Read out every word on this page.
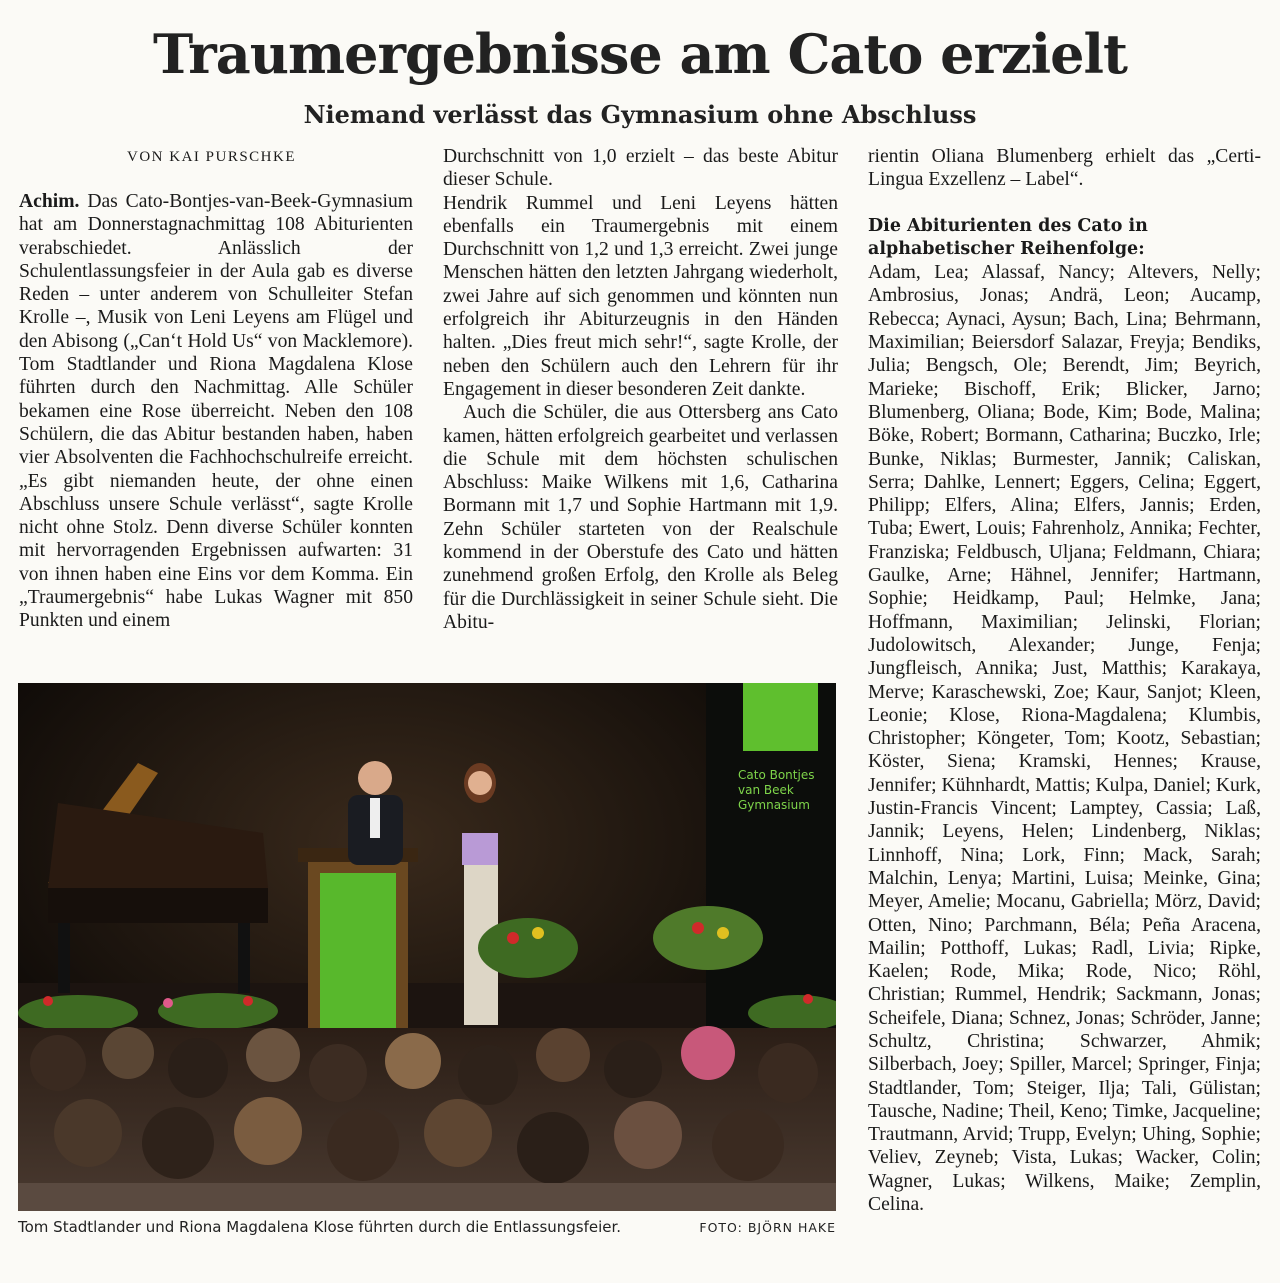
Traumergebnisse am Cato erzielt
Niemand verlässt das Gymnasium ohne Abschluss

VON KAI PURSCHKE

Achim. Das Cato-Bontjes-van-Beek-Gymnasium hat am Donnerstagnachmittag 108 Abiturienten verabschiedet. Anlässlich der Schulentlassungsfeier in der Aula gab es diverse Reden – unter anderem von Schulleiter Stefan Krolle –, Musik von Leni Leyens am Flügel und den Abisong („Can‘t Hold Us“ von Macklemore). Tom Stadtlander und Riona Magdalena Klose führten durch den Nachmittag. Alle Schüler bekamen eine Rose überreicht. Neben den 108 Schülern, die das Abitur bestanden haben, haben vier Absolventen die Fachhochschulreife erreicht. „Es gibt niemanden heute, der ohne einen Abschluss unsere Schule verlässt“, sagte Krolle nicht ohne Stolz. Denn diverse Schüler konnten mit hervorragenden Ergebnissen aufwarten: 31 von ihnen haben eine Eins vor dem Komma. Ein „Traumergebnis“ habe Lukas Wagner mit 850 Punkten und einem

Durchschnitt von 1,0 erzielt – das beste Abitur dieser Schule.

Hendrik Rummel und Leni Leyens hätten ebenfalls ein Traumergebnis mit einem Durchschnitt von 1,2 und 1,3 erreicht. Zwei junge Menschen hätten den letzten Jahrgang wiederholt, zwei Jahre auf sich genommen und könnten nun erfolgreich ihr Abiturzeugnis in den Händen halten. „Dies freut mich sehr!“, sagte Krolle, der neben den Schülern auch den Lehrern für ihr Engagement in dieser besonderen Zeit dankte.

Auch die Schüler, die aus Ottersberg ans Cato kamen, hätten erfolgreich gearbeitet und verlassen die Schule mit dem höchsten schulischen Abschluss: Maike Wilkens mit 1,6, Catharina Bormann mit 1,7 und Sophie Hartmann mit 1,9. Zehn Schüler starteten von der Realschule kommend in der Oberstufe des Cato und hätten zunehmend großen Erfolg, den Krolle als Beleg für die Durchlässigkeit in seiner Schule sieht. Die Abitu-

rientin Oliana Blumenberg erhielt das „Certi-Lingua Exzellenz – Label“.

Die Abiturienten des Cato in alphabetischer Reihenfolge:

Adam, Lea; Alassaf, Nancy; Altevers, Nelly; Ambrosius, Jonas; Andrä, Leon; Aucamp, Rebecca; Aynaci, Aysun; Bach, Lina; Behrmann, Maximilian; Beiersdorf Salazar, Freyja; Bendiks, Julia; Bengsch, Ole; Berendt, Jim; Beyrich, Marieke; Bischoff, Erik; Blicker, Jarno; Blumenberg, Oliana; Bode, Kim; Bode, Malina; Böke, Robert; Bormann, Catharina; Buczko, Irle; Bunke, Niklas; Burmester, Jannik; Caliskan, Serra; Dahlke, Lennert; Eggers, Celina; Eggert, Philipp; Elfers, Alina; Elfers, Jannis; Erden, Tuba; Ewert, Louis; Fahrenholz, Annika; Fechter, Franziska; Feldbusch, Uljana; Feldmann, Chiara; Gaulke, Arne; Hähnel, Jennifer; Hartmann, Sophie; Heidkamp, Paul; Helmke, Jana; Hoffmann, Maximilian; Jelinski, Florian; Judolowitsch, Alexander; Junge, Fenja; Jungfleisch, Annika; Just, Matthis; Karakaya, Merve; Karaschewski, Zoe; Kaur, Sanjot; Kleen, Leonie; Klose, Riona-Magdalena; Klumbis, Christopher; Köngeter, Tom; Kootz, Sebastian; Köster, Siena; Kramski, Hennes; Krause, Jennifer; Kühnhardt, Mattis; Kulpa, Daniel; Kurk, Justin-Francis Vincent; Lamptey, Cassia; Laß, Jannik; Leyens, Helen; Lindenberg, Niklas; Linnhoff, Nina; Lork, Finn; Mack, Sarah; Malchin, Lenya; Martini, Luisa; Meinke, Gina; Meyer, Amelie; Mocanu, Gabriella; Mörz, David; Otten, Nino; Parchmann, Béla; Peña Aracena, Mailin; Potthoff, Lukas; Radl, Livia; Ripke, Kaelen; Rode, Mika; Rode, Nico; Röhl, Christian; Rummel, Hendrik; Sackmann, Jonas; Scheifele, Diana; Schnez, Jonas; Schröder, Janne; Schultz, Christina; Schwarzer, Ahmik; Silberbach, Joey; Spiller, Marcel; Springer, Finja; Stadtlander, Tom; Steiger, Ilja; Tali, Gülistan; Tausche, Nadine; Theil, Keno; Timke, Jacqueline; Trautmann, Arvid; Trupp, Evelyn; Uhing, Sophie; Veliev, Zeyneb; Vista, Lukas; Wacker, Colin; Wagner, Lukas; Wilkens, Maike; Zemplin, Celina.

Cato Bontjes
van Beek
Gymnasium
Tom Stadtlander und Riona Magdalena Klose führten durch die Entlassungsfeier.	FOTO: BJÖRN HAKE
